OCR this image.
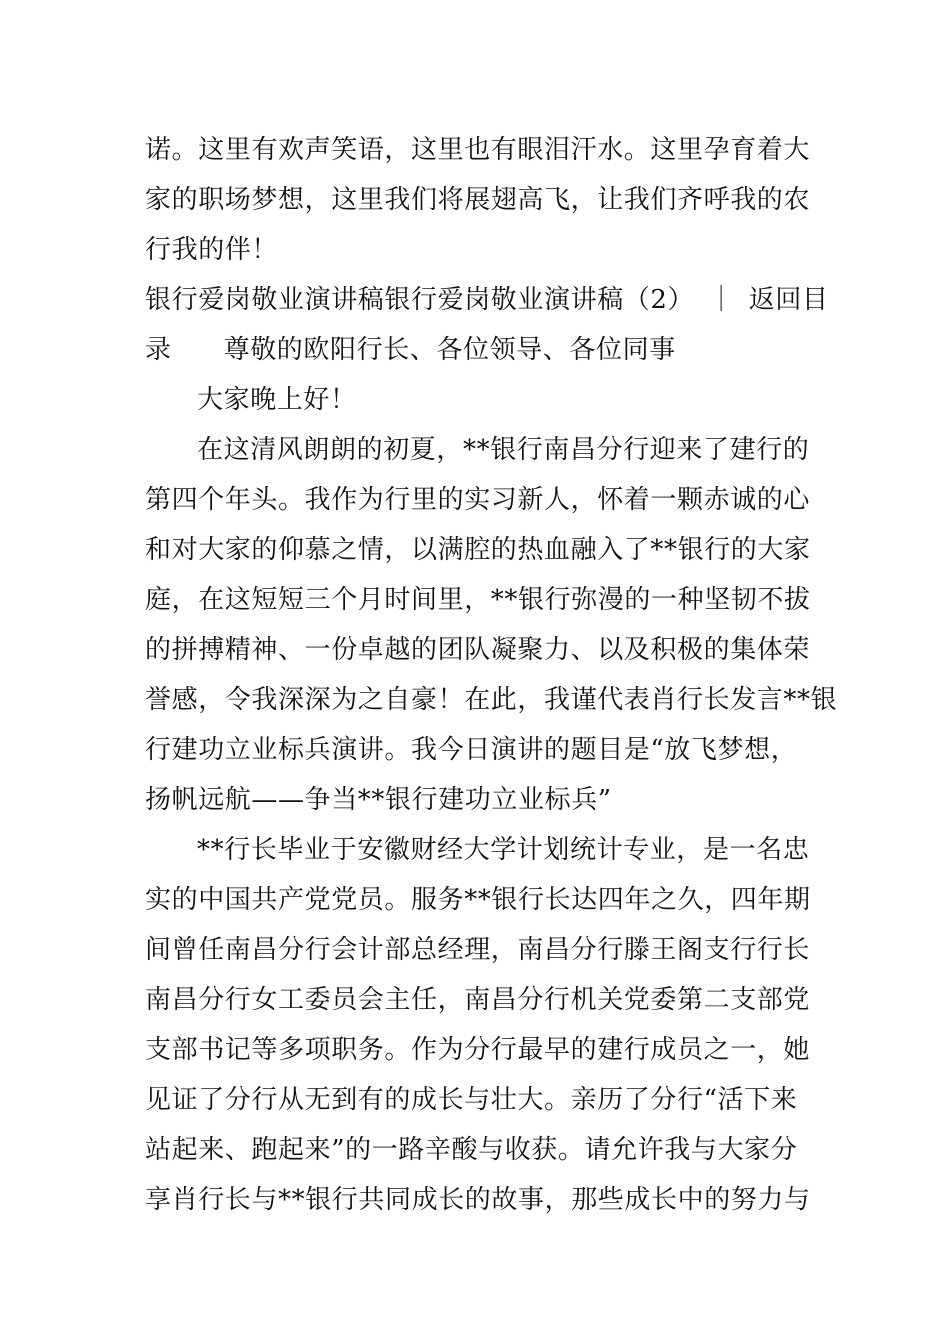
诺。这里有欢声笑语，这里也有眼泪汗水。这里孕育着大
家的职场梦想，这里我们将展翅高飞，让我们齐呼我的农
行我的伴！
银行爱岗敬业演讲稿银行爱岗敬业演讲稿（2） ｜ 返回目
录 尊敬的欧阳行长、各位领导、各位同事
大家晚上好！
在这清风朗朗的初夏，**银行南昌分行迎来了建行的
第四个年头。我作为行里的实习新人，怀着一颗赤诚的心
和对大家的仰慕之情，以满腔的热血融入了**银行的大家
庭，在这短短三个月时间里，**银行弥漫的一种坚韧不拔
的拼搏精神、一份卓越的团队凝聚力、以及积极的集体荣
誉感，令我深深为之自豪！在此，我谨代表肖行长发言**银
行建功立业标兵演讲。我今日演讲的题目是“放飞梦想，
扬帆远航——争当**银行建功立业标兵”
**行长毕业于安徽财经大学计划统计专业，是一名忠
实的中国共产党党员。服务**银行长达四年之久，四年期
间曾任南昌分行会计部总经理，南昌分行滕王阁支行行长
南昌分行女工委员会主任，南昌分行机关党委第二支部党
支部书记等多项职务。作为分行最早的建行成员之一，她
见证了分行从无到有的成长与壮大。亲历了分行“活下来
站起来、跑起来”的一路辛酸与收获。请允许我与大家分
享肖行长与**银行共同成长的故事，那些成长中的努力与
